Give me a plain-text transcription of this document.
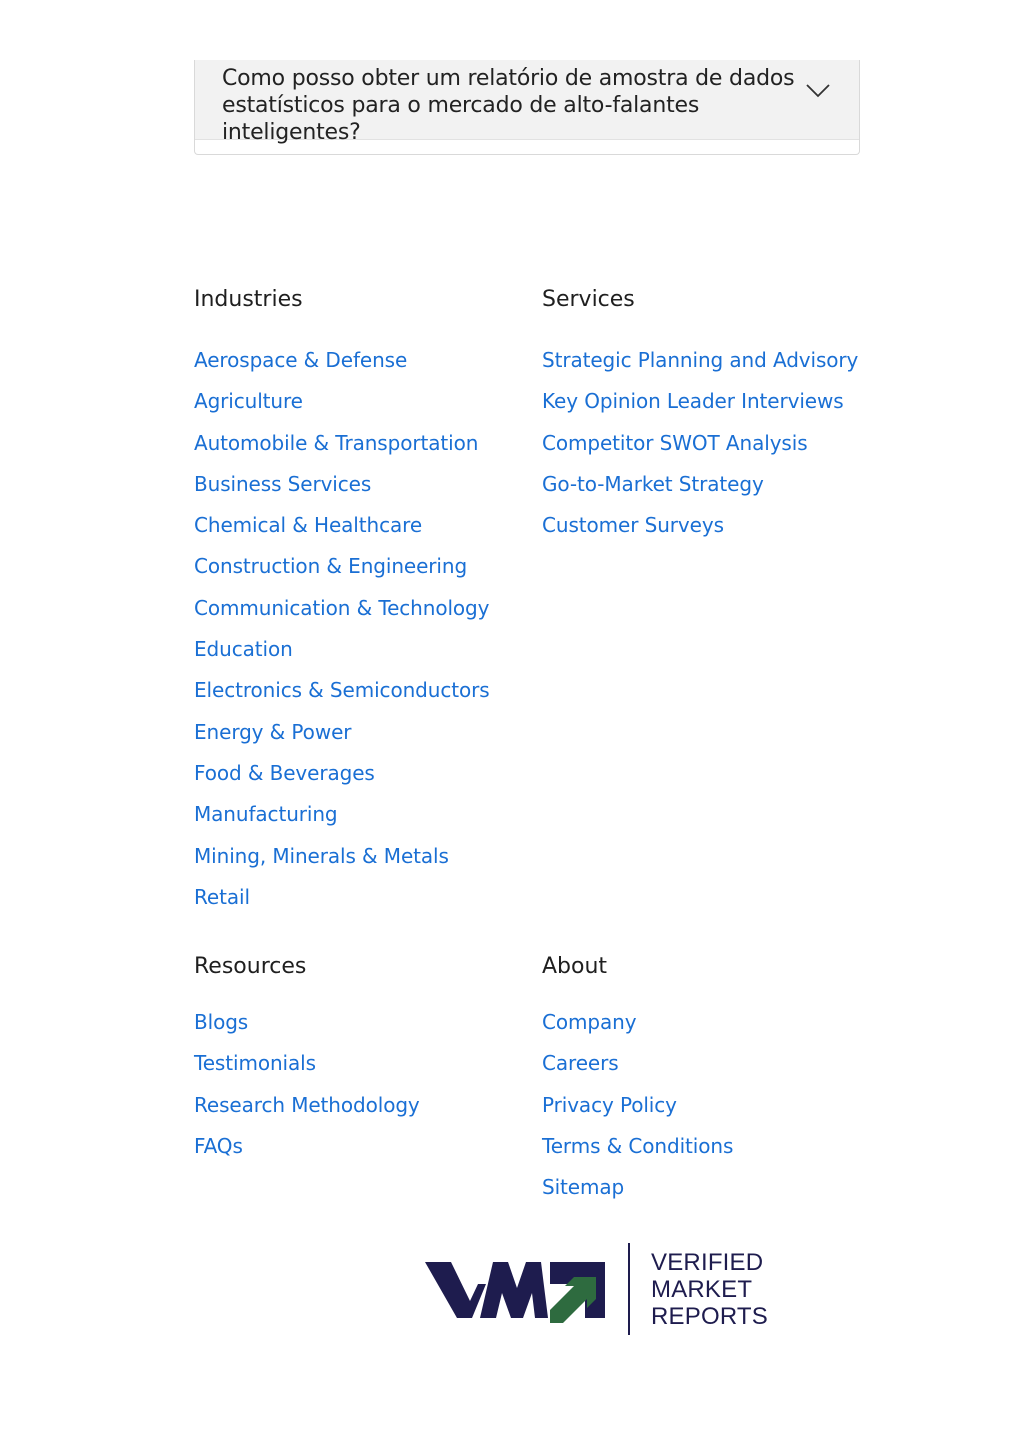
Como posso obter um relatório de amostra de dados estatísticos para o mercado de alto-falantes inteligentes?
Industries
Aerospace & Defense
Agriculture
Automobile & Transportation
Business Services
Chemical & Healthcare
Construction & Engineering
Communication & Technology
Education
Electronics & Semiconductors
Energy & Power
Food & Beverages
Manufacturing
Mining, Minerals & Metals
Retail
Services
Strategic Planning and Advisory
Key Opinion Leader Interviews
Competitor SWOT Analysis
Go-to-Market Strategy
Customer Surveys
Resources
Blogs
Testimonials
Research Methodology
FAQs
About
Company
Careers
Privacy Policy
Terms & Conditions
Sitemap
VERIFIED
MARKET
REPORTS
